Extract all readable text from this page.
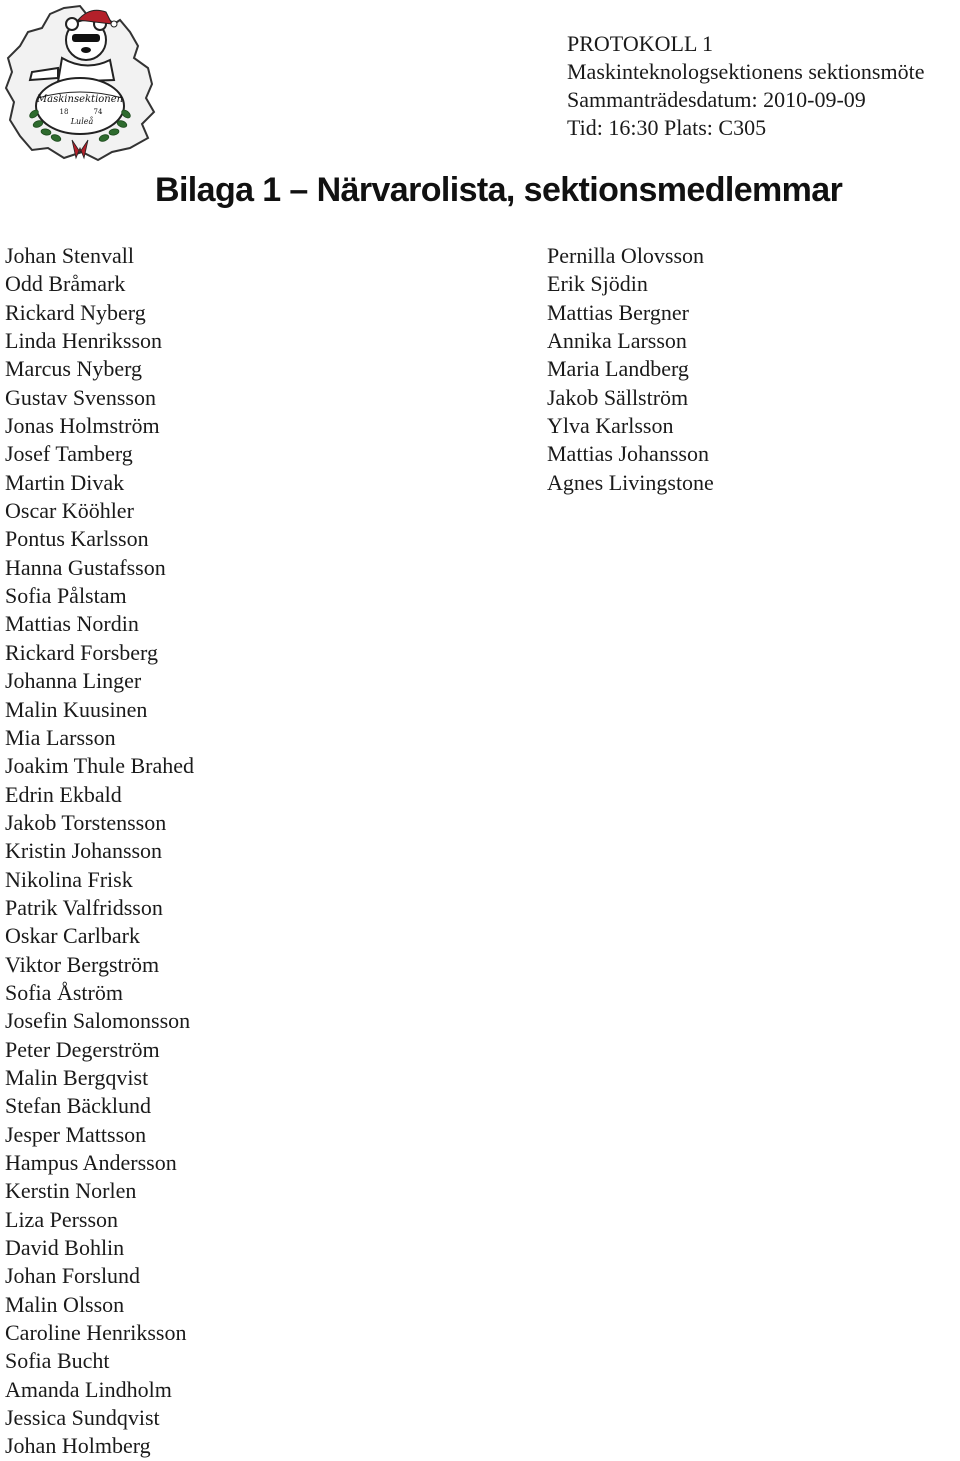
Maskinsektionen
18	74
Luleå
PROTOKOLL 1
Maskinteknologsektionens sektionsmöte
Sammanträdesdatum: 2010-09-09
Tid: 16:30 Plats: C305
Bilaga 1 – Närvarolista, sektionsmedlemmar
Johan Stenvall
Odd Bråmark
Rickard Nyberg
Linda Henriksson
Marcus Nyberg
Gustav Svensson
Jonas Holmström
Josef Tamberg
Martin Divak
Oscar Kööhler
Pontus Karlsson
Hanna Gustafsson
Sofia Pålstam
Mattias Nordin
Rickard Forsberg
Johanna Linger
Malin Kuusinen
Mia Larsson
Joakim Thule Brahed
Edrin Ekbald
Jakob Torstensson
Kristin Johansson
Nikolina Frisk
Patrik Valfridsson
Oskar Carlbark
Viktor Bergström
Sofia Åström
Josefin Salomonsson
Peter Degerström
Malin Bergqvist
Stefan Bäcklund
Jesper Mattsson
Hampus Andersson
Kerstin Norlen
Liza Persson
David Bohlin
Johan Forslund
Malin Olsson
Caroline Henriksson
Sofia Bucht
Amanda Lindholm
Jessica Sundqvist
Johan Holmberg
Pernilla Olovsson
Erik Sjödin
Mattias Bergner
Annika Larsson
Maria Landberg
Jakob Sällström
Ylva Karlsson
Mattias Johansson
Agnes Livingstone
